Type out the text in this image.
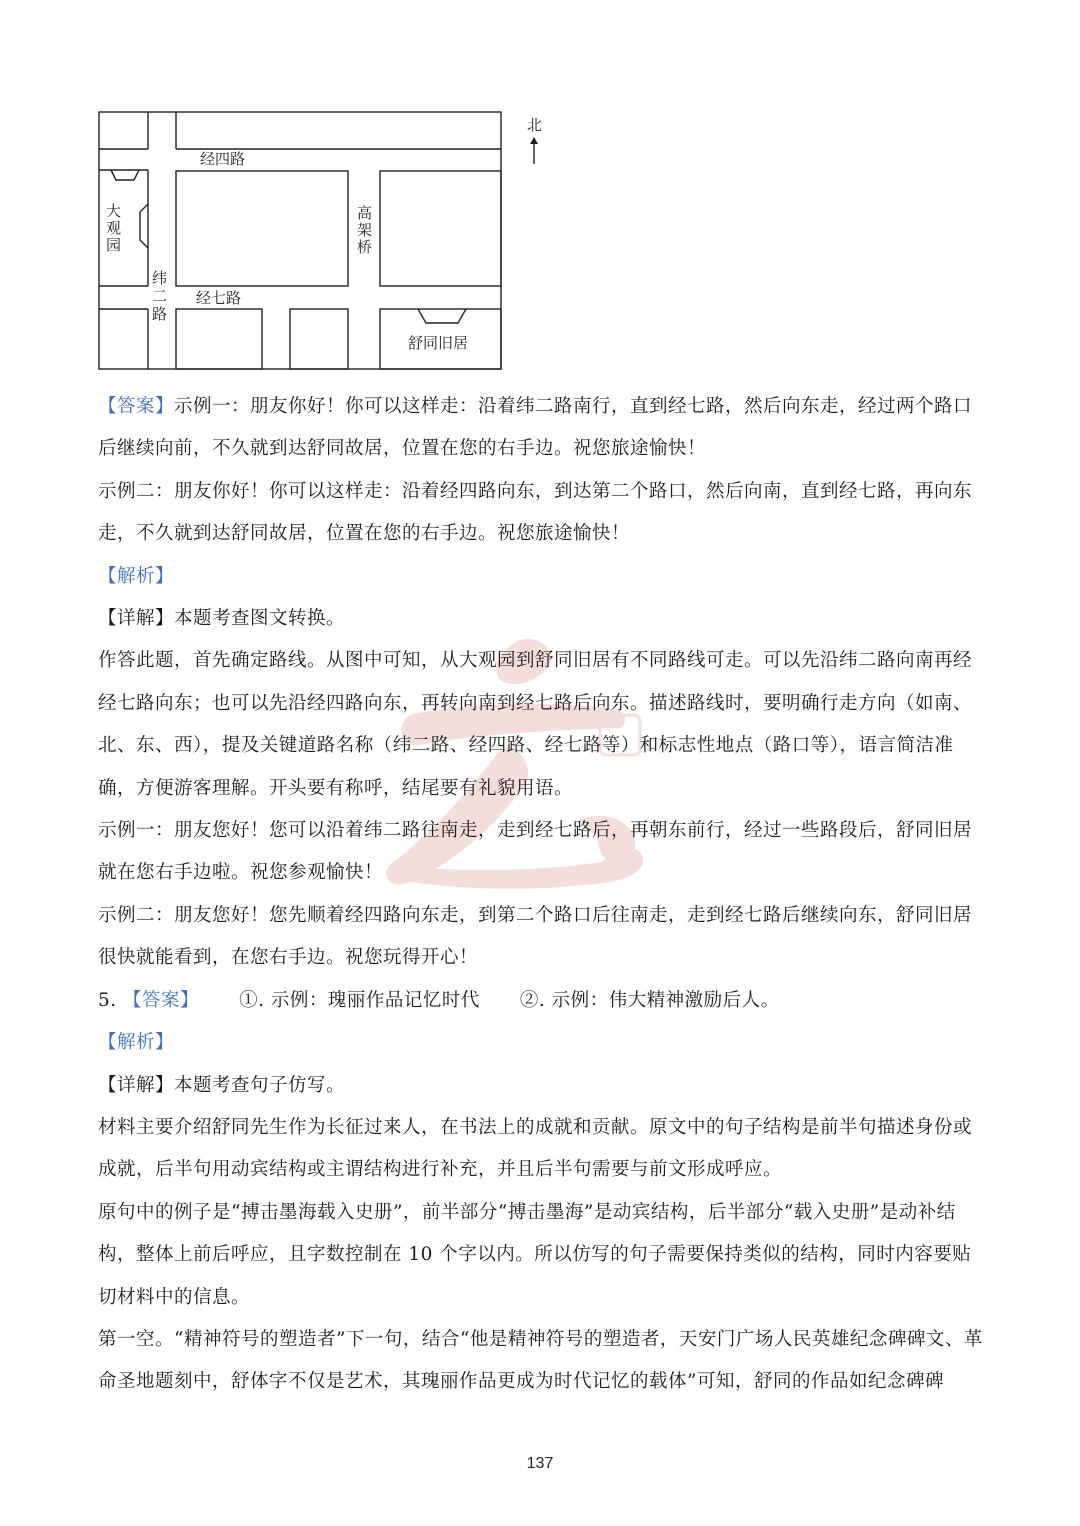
经四路
经七路
纬
二
路
大
观
园
高
架
桥
舒同旧居
北

【答案】示例一：朋友你好！你可以这样走：沿着纬二路南行，直到经七路，然后向东走，经过两个路口后继续向前，不久就到达舒同故居，位置在您的右手边。祝您旅途愉快！

示例二：朋友你好！你可以这样走：沿着经四路向东，到达第二个路口，然后向南，直到经七路，再向东走，不久就到达舒同故居，位置在您的右手边。祝您旅途愉快！

【解析】

【详解】本题考查图文转换。

作答此题，首先确定路线。从图中可知，从大观园到舒同旧居有不同路线可走。可以先沿纬二路向南再经经七路向东；也可以先沿经四路向东，再转向南到经七路后向东。描述路线时，要明确行走方向（如南、北、东、西），提及关键道路名称（纬二路、经四路、经七路等）和标志性地点（路口等），语言简洁准确，方便游客理解。开头要有称呼，结尾要有礼貌用语。

示例一：朋友您好！您可以沿着纬二路往南走，走到经七路后，再朝东前行，经过一些路段后，舒同旧居就在您右手边啦。祝您参观愉快！

示例二：朋友您好！您先顺着经四路向东走，到第二个路口后往南走，走到经七路后继续向东，舒同旧居很快就能看到，在您右手边。祝您玩得开心！

5. 【答案】 ①. 示例：瑰丽作品记忆时代 ②. 示例：伟大精神激励后人。

【解析】

【详解】本题考查句子仿写。

材料主要介绍舒同先生作为长征过来人，在书法上的成就和贡献。原文中的句子结构是前半句描述身份或成就，后半句用动宾结构或主谓结构进行补充，并且后半句需要与前文形成呼应。

原句中的例子是“搏击墨海载入史册”，前半部分“搏击墨海”是动宾结构，后半部分“载入史册”是动补结构，整体上前后呼应，且字数控制在 10 个字以内。所以仿写的句子需要保持类似的结构，同时内容要贴切材料中的信息。

第一空。“精神符号的塑造者”下一句，结合“他是精神符号的塑造者，天安门广场人民英雄纪念碑碑文、革命圣地题刻中，舒体字不仅是艺术，其瑰丽作品更成为时代记忆的载体”可知，舒同的作品如纪念碑碑

137
